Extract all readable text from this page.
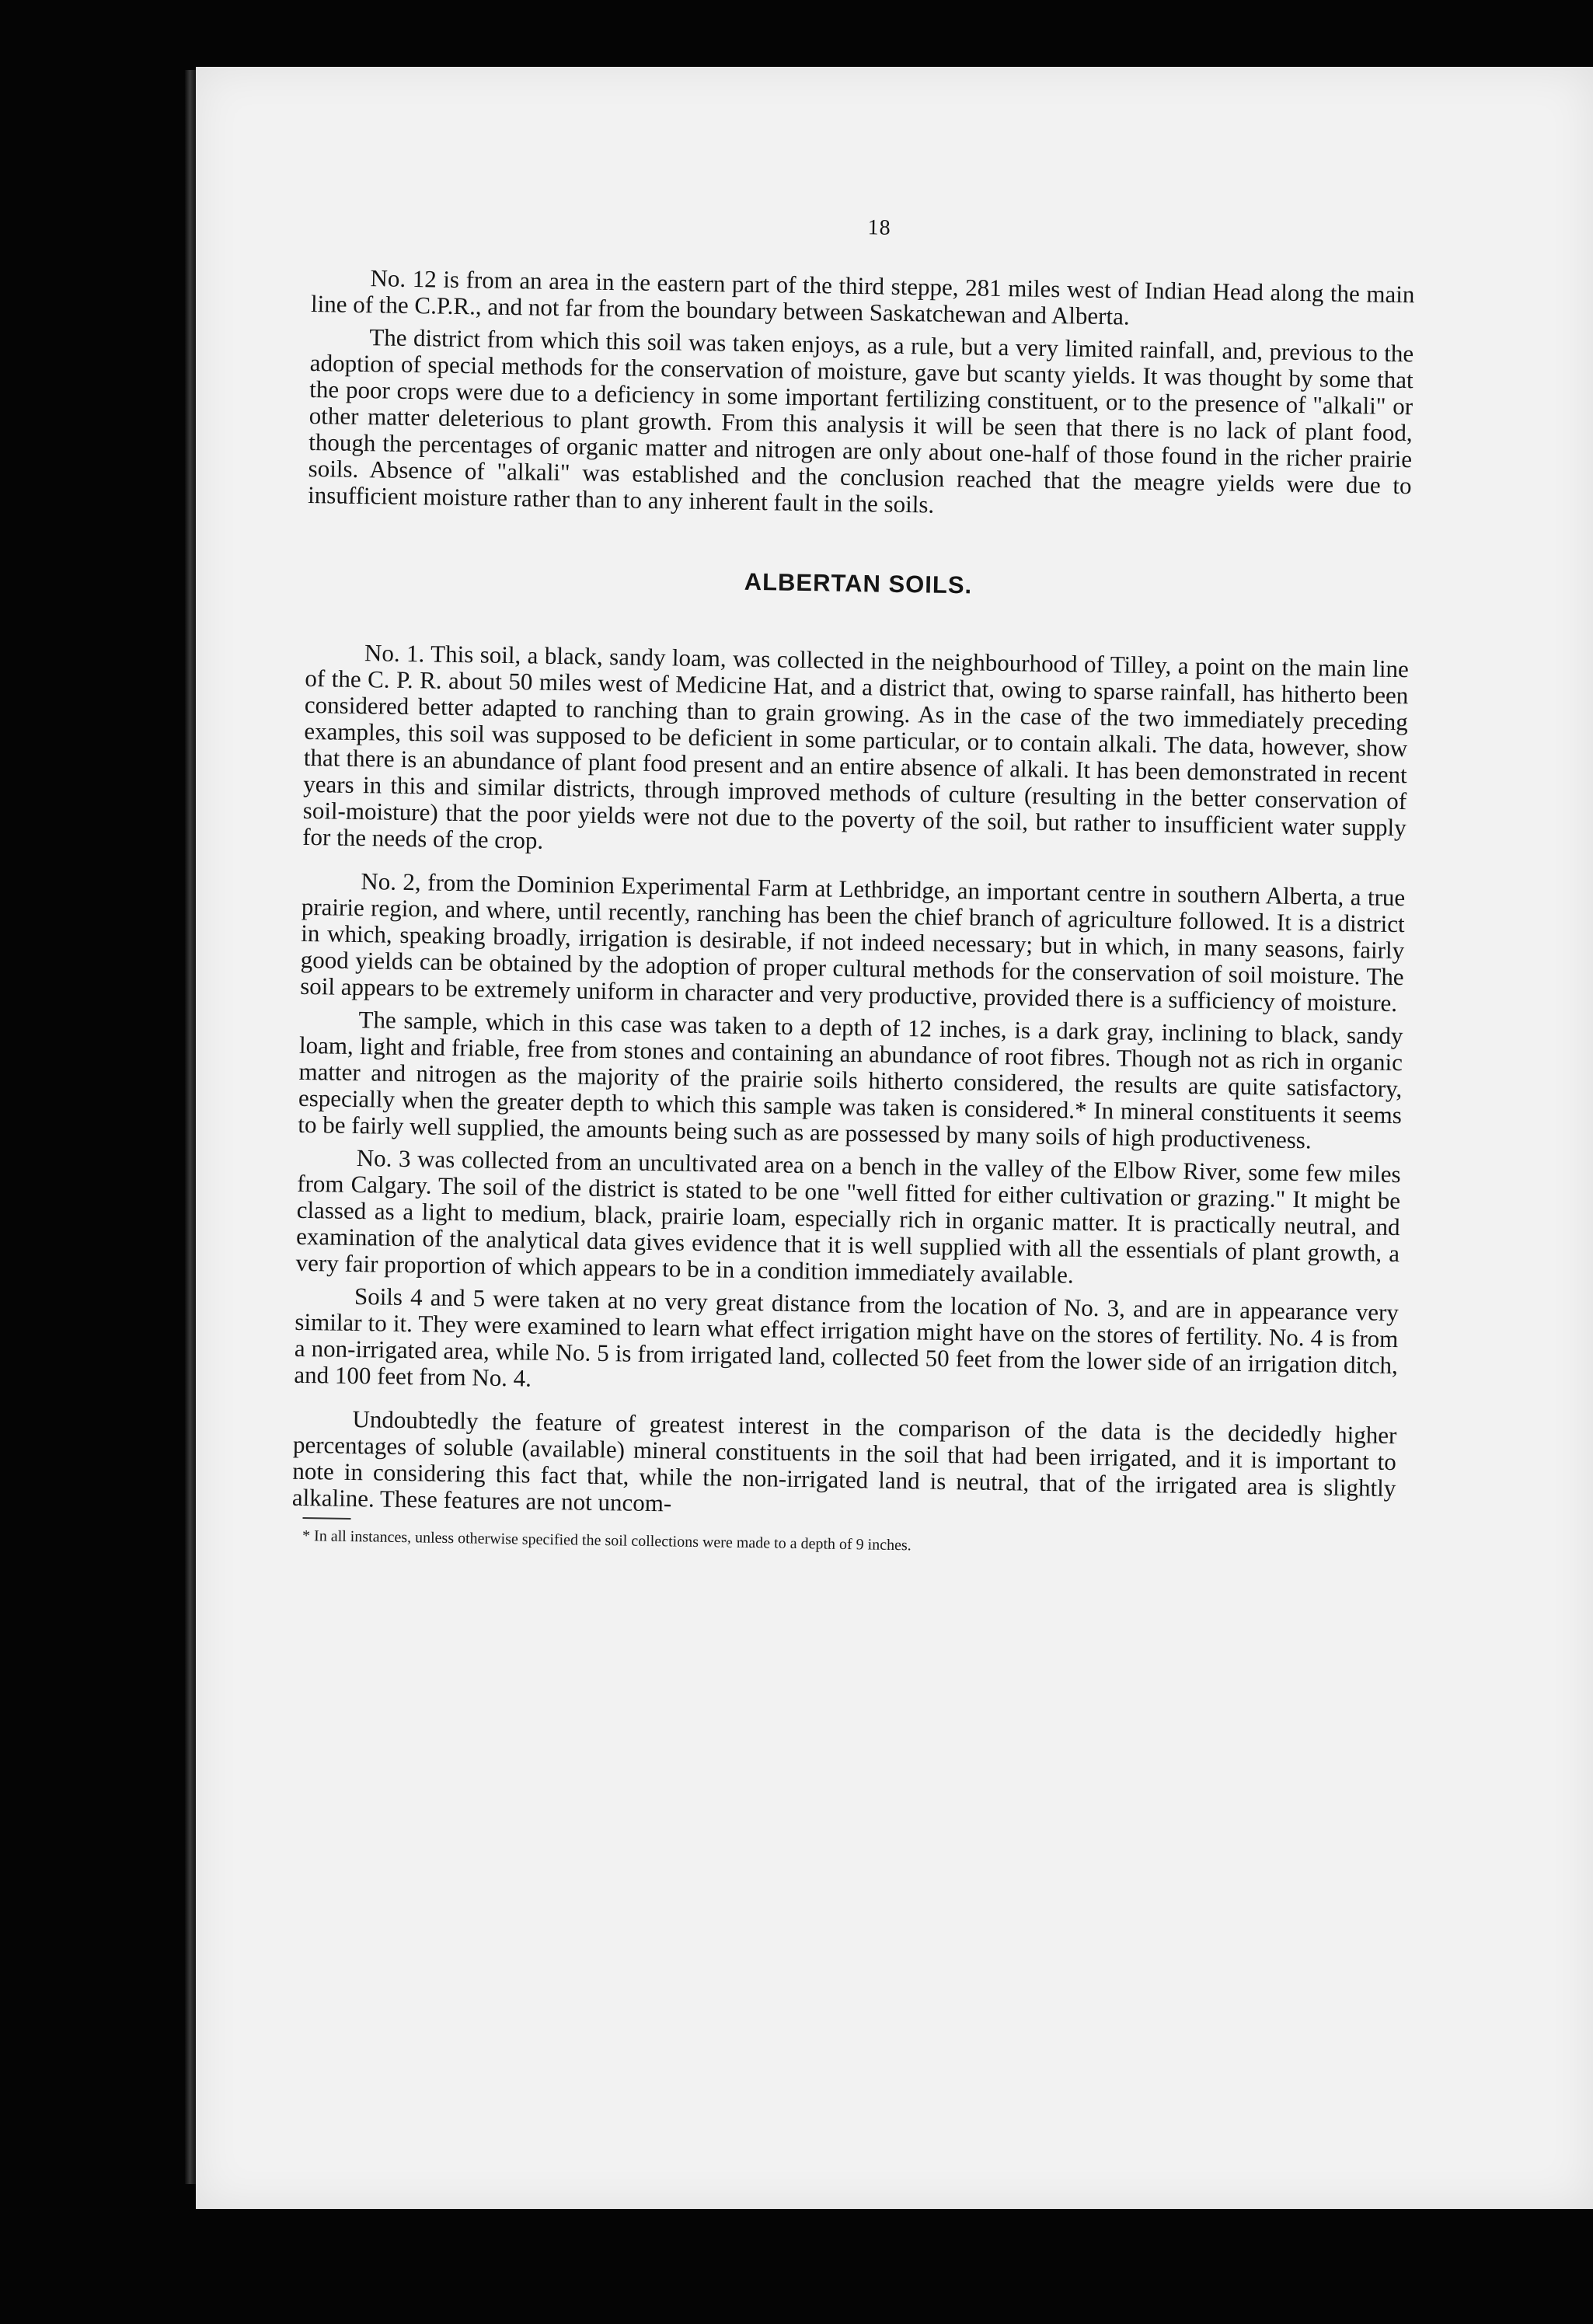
18

No. 12 is from an area in the eastern part of the third steppe, 281 miles west of Indian Head along the main line of the C.P.R., and not far from the boundary between Saskatchewan and Alberta.

The district from which this soil was taken enjoys, as a rule, but a very limited rainfall, and, previous to the adoption of special methods for the conservation of moisture, gave but scanty yields. It was thought by some that the poor crops were due to a deficiency in some important fertilizing constituent, or to the presence of "alkali" or other matter deleterious to plant growth. From this analysis it will be seen that there is no lack of plant food, though the percentages of organic matter and nitrogen are only about one-half of those found in the richer prairie soils. Absence of "alkali" was established and the conclusion reached that the meagre yields were due to insufficient moisture rather than to any inherent fault in the soils.

ALBERTAN SOILS.

No. 1. This soil, a black, sandy loam, was collected in the neighbourhood of Tilley, a point on the main line of the C. P. R. about 50 miles west of Medicine Hat, and a district that, owing to sparse rainfall, has hitherto been considered better adapted to ranching than to grain growing. As in the case of the two immediately preceding examples, this soil was supposed to be deficient in some particular, or to contain alkali. The data, however, show that there is an abundance of plant food present and an entire absence of alkali. It has been demonstrated in recent years in this and similar districts, through improved methods of culture (resulting in the better conservation of soil-moisture) that the poor yields were not due to the poverty of the soil, but rather to insufficient water supply for the needs of the crop.

No. 2, from the Dominion Experimental Farm at Lethbridge, an important centre in southern Alberta, a true prairie region, and where, until recently, ranching has been the chief branch of agriculture followed. It is a district in which, speaking broadly, irrigation is desirable, if not indeed necessary; but in which, in many seasons, fairly good yields can be obtained by the adoption of proper cultural methods for the conservation of soil moisture. The soil appears to be extremely uniform in character and very productive, provided there is a sufficiency of moisture.

The sample, which in this case was taken to a depth of 12 inches, is a dark gray, inclining to black, sandy loam, light and friable, free from stones and containing an abundance of root fibres. Though not as rich in organic matter and nitrogen as the majority of the prairie soils hitherto considered, the results are quite satisfactory, especially when the greater depth to which this sample was taken is considered.* In mineral constituents it seems to be fairly well supplied, the amounts being such as are possessed by many soils of high productiveness.

No. 3 was collected from an uncultivated area on a bench in the valley of the Elbow River, some few miles from Calgary. The soil of the district is stated to be one "well fitted for either cultivation or grazing." It might be classed as a light to medium, black, prairie loam, especially rich in organic matter. It is practically neutral, and examination of the analytical data gives evidence that it is well supplied with all the essentials of plant growth, a very fair proportion of which appears to be in a condition immediately available.

Soils 4 and 5 were taken at no very great distance from the location of No. 3, and are in appearance very similar to it. They were examined to learn what effect irrigation might have on the stores of fertility. No. 4 is from a non-irrigated area, while No. 5 is from irrigated land, collected 50 feet from the lower side of an irrigation ditch, and 100 feet from No. 4.

Undoubtedly the feature of greatest interest in the comparison of the data is the decidedly higher percentages of soluble (available) mineral constituents in the soil that had been irrigated, and it is important to note in considering this fact that, while the non-irrigated land is neutral, that of the irrigated area is slightly alkaline. These features are not uncom-

* In all instances, unless otherwise specified the soil collections were made to a depth of 9 inches.
